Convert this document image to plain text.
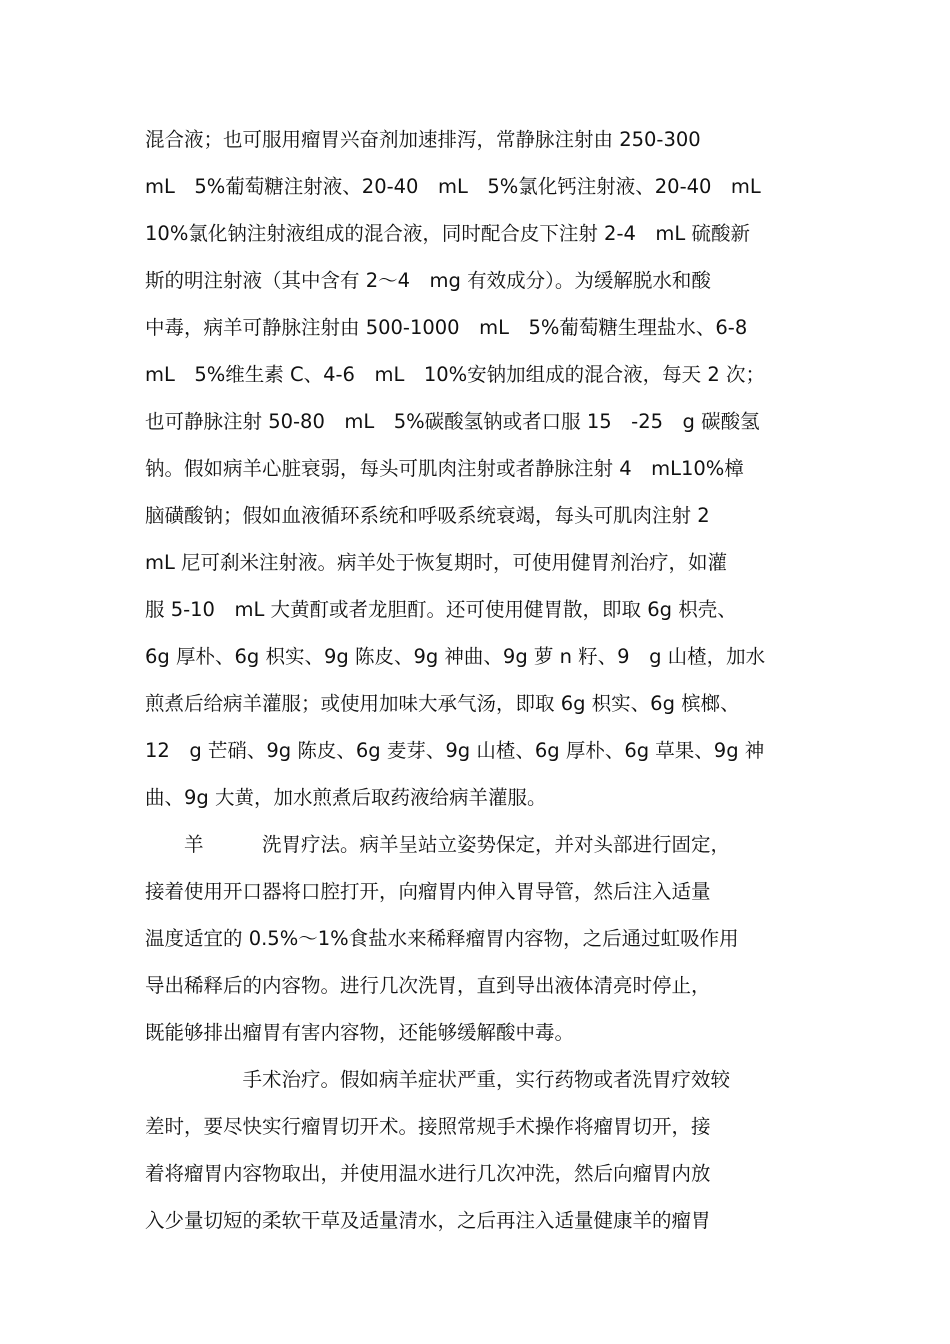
混合液；也可服用瘤胃兴奋剂加速排泻，常静脉注射由 250-300
mL　5%葡萄糖注射液、20-40　mL　5%氯化钙注射液、20-40　mL
10%氯化钠注射液组成的混合液，同时配合皮下注射 2-4　mL 硫酸新
斯的明注射液（其中含有 2～4　mg 有效成分）。为缓解脱水和酸
中毒，病羊可静脉注射由 500-1000　mL　5%葡萄糖生理盐水、6-8
mL　5%维生素 C、4-6　mL　10%安钠加组成的混合液，每天 2 次；
也可静脉注射 50-80　mL　5%碳酸氢钠或者口服 15　-25　g 碳酸氢
钠。假如病羊心脏衰弱，每头可肌肉注射或者静脉注射 4　mL10%樟
脑磺酸钠；假如血液循环系统和呼吸系统衰竭，每头可肌肉注射 2
mL 尼可刹米注射液。病羊处于恢复期时，可使用健胃剂治疗，如灌
服 5-10　mL 大黄酊或者龙胆酊。还可使用健胃散，即取 6g 枳壳、
6g 厚朴、6g 枳实、9g 陈皮、9g 神曲、9g 萝 n 籽、9　g 山楂，加水
煎煮后给病羊灌服；或使用加味大承气汤，即取 6g 枳实、6g 槟榔、
12　g 芒硝、9g 陈皮、6g 麦芽、9g 山楂、6g 厚朴、6g 草果、9g 神
曲、9g 大黄，加水煎煮后取药液给病羊灌服。
　　羊　　　洗胃疗法。病羊呈站立姿势保定，并对头部进行固定，
接着使用开口器将口腔打开，向瘤胃内伸入胃导管，然后注入适量
温度适宜的 0.5%～1%食盐水来稀释瘤胃内容物，之后通过虹吸作用
导出稀释后的内容物。进行几次洗胃，直到导出液体清亮时停止，
既能够排出瘤胃有害内容物，还能够缓解酸中毒。
　　　　　手术治疗。假如病羊症状严重，实行药物或者洗胃疗效较
差时，要尽快实行瘤胃切开术。接照常规手术操作将瘤胃切开，接
着将瘤胃内容物取出，并使用温水进行几次冲洗，然后向瘤胃内放
入少量切短的柔软干草及适量清水，之后再注入适量健康羊的瘤胃
